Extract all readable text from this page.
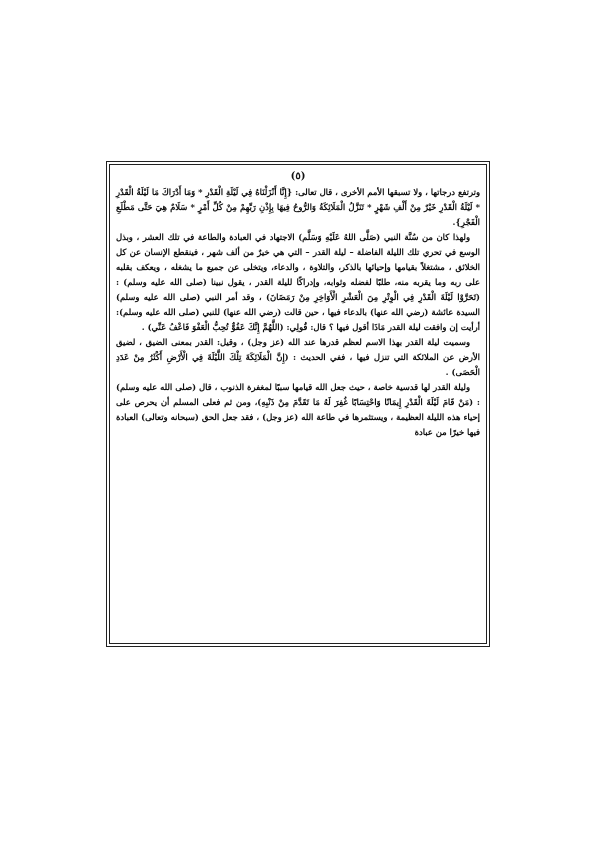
(٥)

وترتفع درجاتها ، ولا تسبقها الأمم الأخرى ، قال تعالى: {إِنَّا أَنْزَلْنَاهُ فِي لَيْلَةِ الْقَدْرِ * وَمَا أَدْرَاكَ مَا لَيْلَةُ الْقَدْرِ * لَيْلَةُ الْقَدْرِ خَيْرٌ مِنْ أَلْفِ شَهْرٍ * تَنَزَّلُ الْمَلَائِكَةُ وَالرُّوحُ فِيهَا بِإِذْنِ رَبِّهِمْ مِنْ كُلِّ أَمْرٍ * سَلَامٌ هِيَ حَتَّى مَطْلَعِ الْفَجْرِ}.

ولهذا كان من سُنَّة النبي (صَلَّى اللهُ عَلَيْهِ وَسَلَّم) الاجتهاد في العبادة والطاعة في تلك العشر ، وبذل الوسع في تحري تلك الليلة الفاضلة – ليلة القدر – التي هي خيرٌ من ألف شهر ، فينقطع الإنسان عن كل الخلائق ، مشتغلاً بقيامها وإحيائها بالذكر، والتلاوة ، والدعاء، ويتخلى عن جميع ما يشغله ، ويعكف بقلبه على ربه وما يقربه منه، طلبًا لفضله وثوابه، وإدراكًا لليلة القدر ، يقول نبينا (صلى الله عليه وسلم) : (تَحَرَّوْا لَيْلَةَ الْقَدْرِ فِي الْوِتْرِ مِنَ الْعَشْرِ الْأَوَاخِرِ مِنْ رَمَضَانَ) ، وقد أمر النبي (صلى الله عليه وسلم) السيدة عائشة (رضي الله عنها) بالدعاء فيها ، حين قالت (رضي الله عنها) للنبي (صلى الله عليه وسلم): أرأيت إن وافقت ليلة القدر مَاذَا أقول فيها ؟ قال: قُولِي: (اللَّهُمَّ إِنَّكَ عَفُوٌّ تُحِبُّ الْعَفْوَ فَاعْفُ عَنِّي) .

وسميت ليلة القدر بهذا الاسم لعظم قدرها عند الله (عز وجل) ، وقيل: القدر بمعنى الضيق ، لضيق الأرض عن الملائكة التي تنزل فيها ، ففي الحديث : (إِنَّ الْمَلَائِكَةَ تِلْكَ اللَّيْلَةَ فِي الْأَرْضِ أَكْثَرُ مِنْ عَدَدِ الْحَصَى) .

وليلة القدر لها قدسية خاصة ، حيث جعل الله قيامها سببًا لمغفرة الذنوب ، قال (صلى الله عليه وسلم) : (مَنْ قَامَ لَيْلَةَ الْقَدْرِ إِيمَانًا وَاحْتِسَابًا غُفِرَ لَهُ مَا تَقَدَّمَ مِنْ ذَنْبِهِ)، ومن ثم فعلى المسلم أن يحرص على إحياء هذه الليلة العظيمة ، ويستثمرها في طاعة الله (عز وجل) ، فقد جعل الحق (سبحانه وتعالى) العبادة فيها خيرًا من عبادة
